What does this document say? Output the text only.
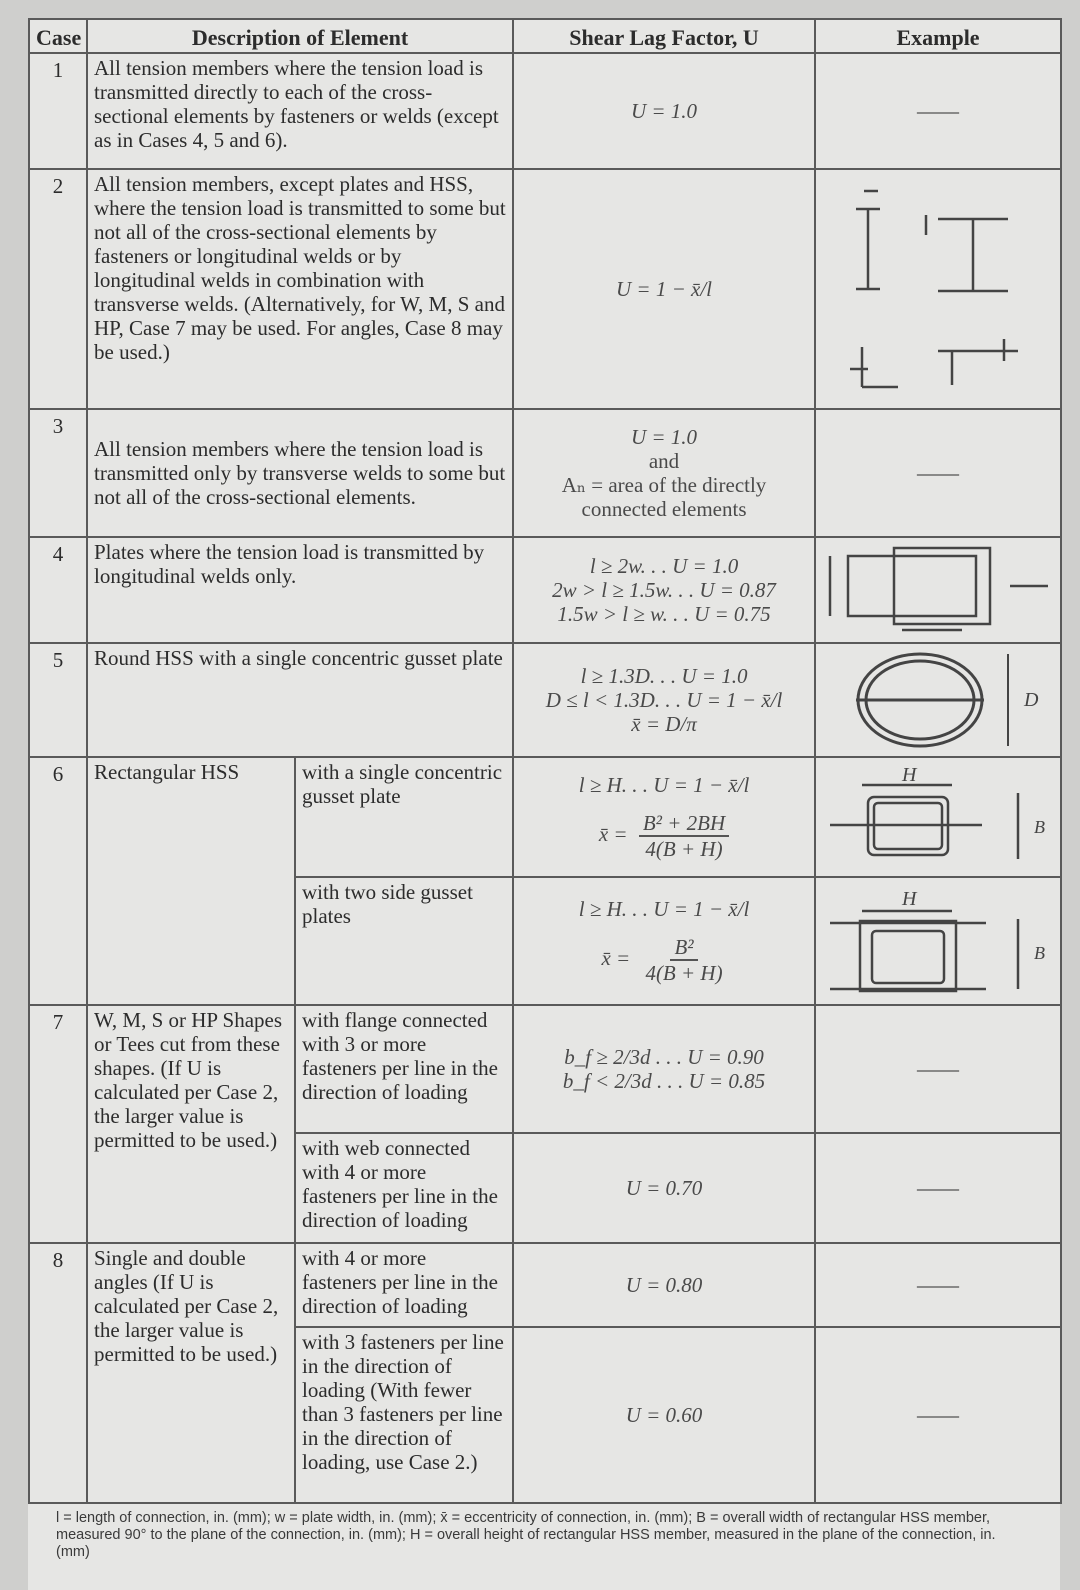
Case	Description of Element		Shear Lag Factor, U	Example
1	All tension members where the tension load is transmitted directly to each of the cross-sectional elements by fasteners or welds (except as in Cases 4, 5 and 6).		U = 1.0	——
2	All tension members, except plates and HSS, where the tension load is transmitted to some but not all of the cross-sectional elements by fasteners or longitudinal welds or by longitudinal welds in combination with transverse welds. (Alternatively, for W, M, S and HP, Case 7 may be used. For angles, Case 8 may be used.)		U = 1 − x̄/l	

3	All tension members where the tension load is transmitted only by transverse welds to some but not all of the cross-sectional elements.		U = 1.0
and
Aₙ = area of the directly connected elements	——
4	Plates where the tension load is transmitted by longitudinal welds only.		l ≥ 2w. . . U = 1.0
2w > l ≥ 1.5w. . . U = 0.87
1.5w > l ≥ w. . . U = 0.75

5	Round HSS with a single concentric gusset plate		l ≥ 1.3D. . . U = 1.0
D ≤ l < 1.3D. . . U = 1 − x̄/l
x̄ = D/π	D

6	Rectangular HSS	with a single concentric gusset plate	l ≥ H. . . U = 1 − x̄/l
x̄ = $\frac{\text{B² + 2BH}}{4(B + H)}$	H
B

		with two side gusset plates	l ≥ H. . . U = 1 − x̄/l
x̄ = $\frac{\text{B²}}{4(B + H)}$	H
B

7	W, M, S or HP Shapes or Tees cut from these shapes. (If U is calculated per Case 2, the larger value is permitted to be used.)	with flange connected with 3 or more fasteners per line in the direction of loading	b_f ≥ 2/3d . . . U = 0.90
b_f < 2/3d . . . U = 0.85	——
		with web connected with 4 or more fasteners per line in the direction of loading	U = 0.70	——
8	Single and double angles (If U is calculated per Case 2, the larger value is permitted to be used.)	with 4 or more fasteners per line in the direction of loading	U = 0.80	——
		with 3 fasteners per line in the direction of loading (With fewer than 3 fasteners per line in the direction of loading, use Case 2.)	U = 0.60	——
l = length of connection, in. (mm); w = plate width, in. (mm); x̄ = eccentricity of connection, in. (mm); B = overall width of rectangular HSS member, measured 90° to the plane of the connection, in. (mm); H = overall height of rectangular HSS member, measured in the plane of the connection, in. (mm)
